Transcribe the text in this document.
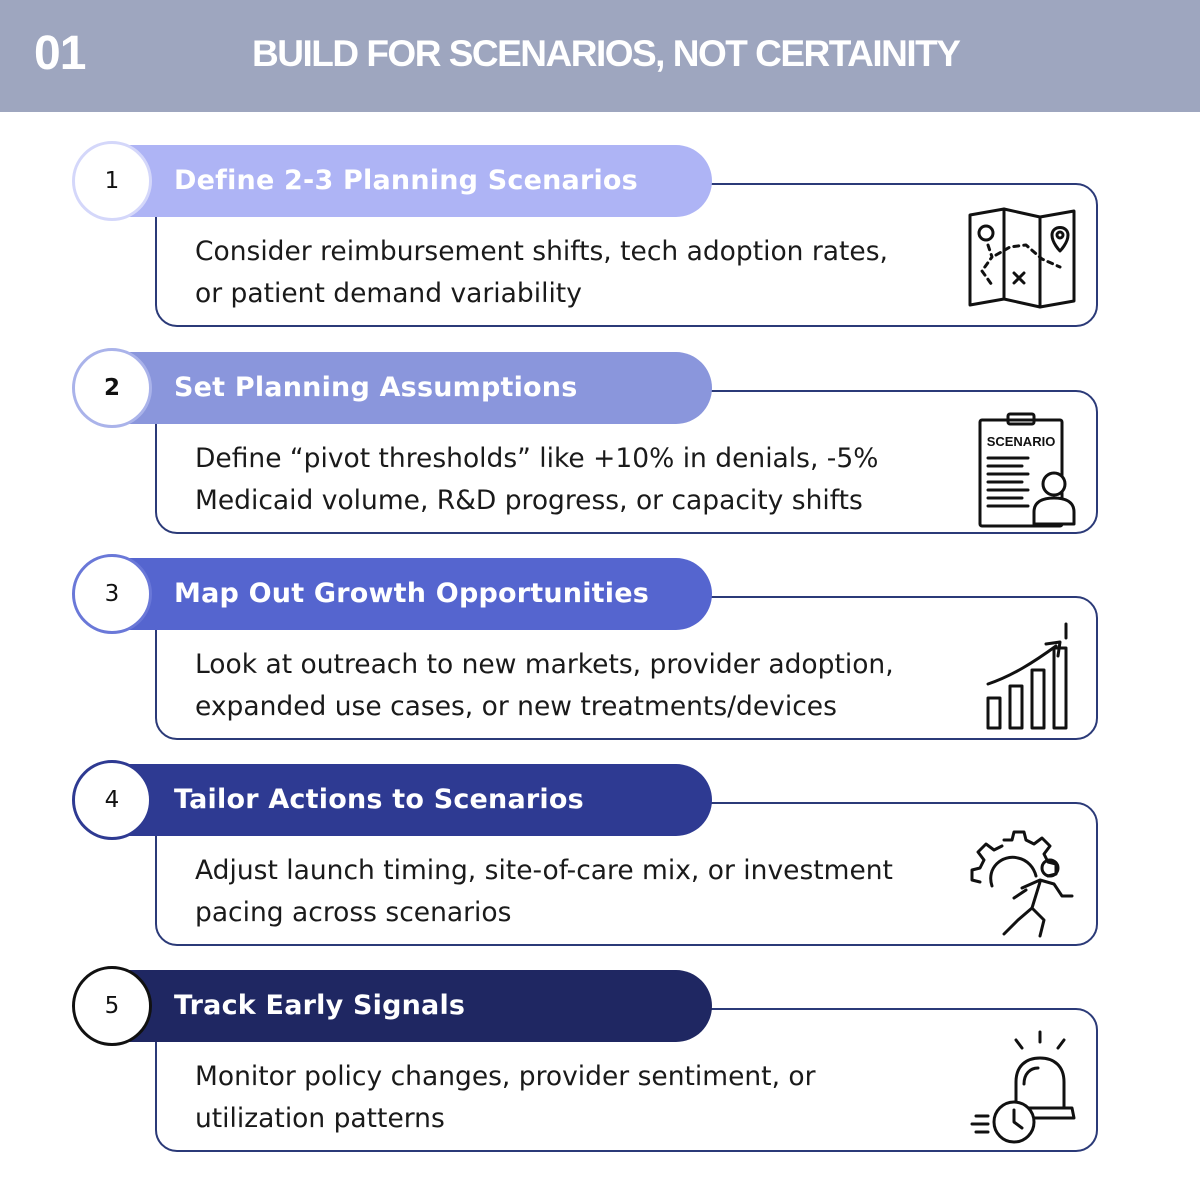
01	BUILD FOR SCENARIOS, NOT CERTAINITY
Define 2-3 Planning Scenarios
1
Consider reimbursement shifts, tech adoption rates,
or patient demand variability
Set Planning Assumptions
2
Define “pivot thresholds” like +10% in denials, -5%
Medicaid volume, R&D progress, or capacity shifts
SCENARIO
Map Out Growth Opportunities
3
Look at outreach to new markets, provider adoption,
expanded use cases, or new treatments/devices
Tailor Actions to Scenarios
4
Adjust launch timing, site-of-care mix, or investment
pacing across scenarios
Track Early Signals
5
Monitor policy changes, provider sentiment, or
utilization patterns
